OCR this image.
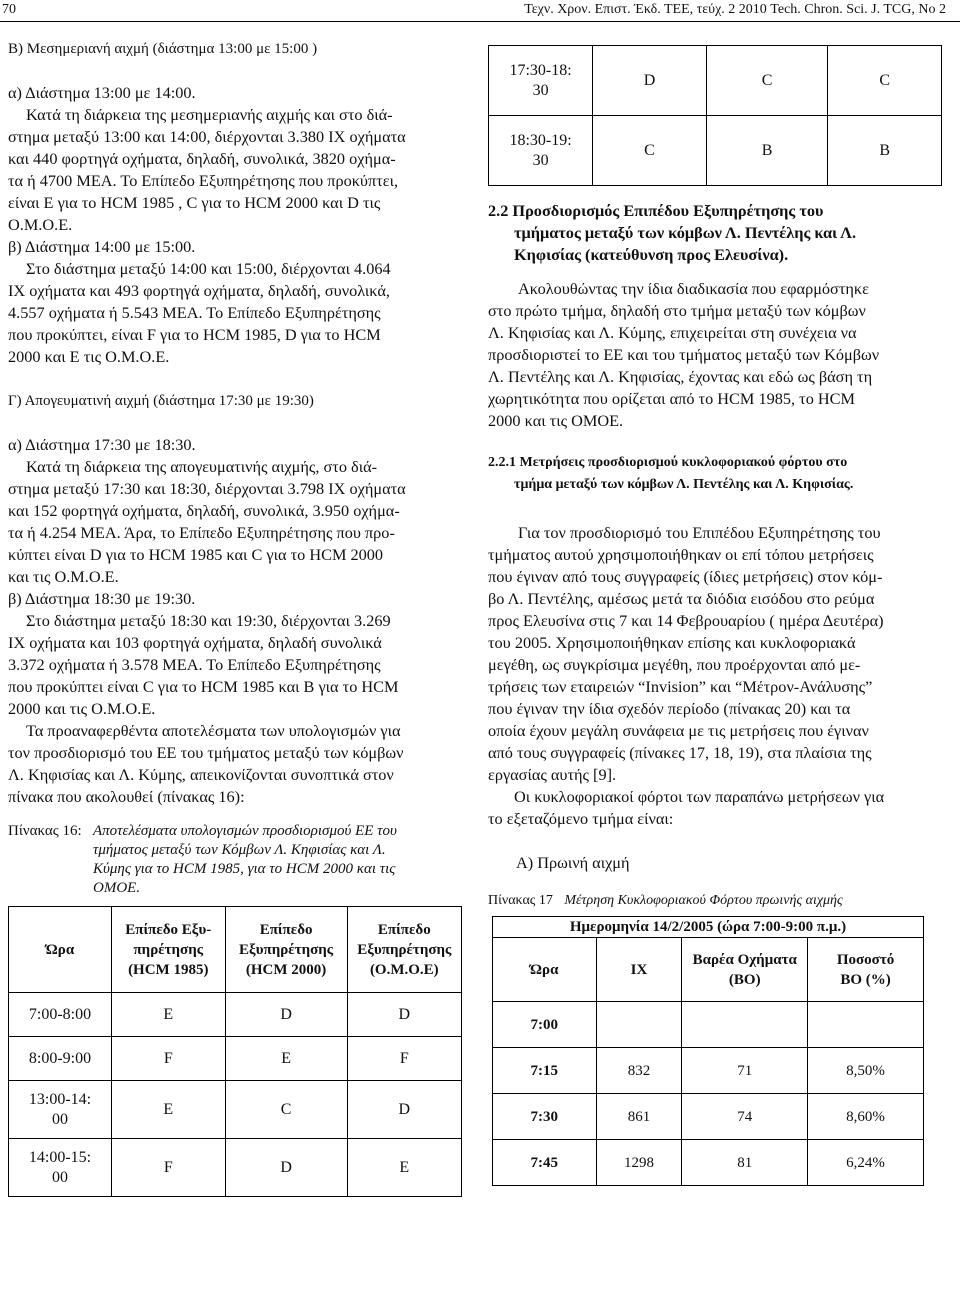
70	Τεχν. Χρον. Επιστ. Έκδ. ΤΕΕ, τεύχ. 2 2010 Tech. Chron. Sci. J. TCG, No 2

Β) Μεσημεριανή αιχμή (διάστημα 13:00 με 15:00 )

α) Διάστημα 13:00 με 14:00.

Κατά τη διάρκεια της μεσημεριανής αιχμής και στο διά-

στημα μεταξύ 13:00 και 14:00, διέρχονται 3.380 ΙΧ οχήματα

και 440 φορτηγά οχήματα, δηλαδή, συνολικά, 3820 οχήμα-

τα ή 4700 ΜΕΑ. Το Επίπεδο Εξυπηρέτησης που προκύπτει,

είναι Ε για το HCM 1985 , C για το HCM 2000 και D τις

Ο.Μ.Ο.Ε.

β) Διάστημα 14:00 με 15:00.

Στο διάστημα μεταξύ 14:00 και 15:00, διέρχονται 4.064

ΙΧ οχήματα και 493 φορτηγά οχήματα, δηλαδή, συνολικά,

4.557 οχήματα ή 5.543 ΜΕΑ. Το Επίπεδο Εξυπηρέτησης

που προκύπτει, είναι F για το HCM 1985, D για το HCM

2000 και E τις Ο.Μ.Ο.Ε.

Γ) Απογευματινή αιχμή (διάστημα 17:30 με 19:30)

α) Διάστημα 17:30 με 18:30.

Κατά τη διάρκεια της απογευματινής αιχμής, στο διά-

στημα μεταξύ 17:30 και 18:30, διέρχονται 3.798 ΙΧ οχήματα

και 152 φορτηγά οχήματα, δηλαδή, συνολικά, 3.950 οχήμα-

τα ή 4.254 ΜΕΑ. Άρα, το Επίπεδο Εξυπηρέτησης που προ-

κύπτει είναι D για το HCM 1985 και C για το HCM 2000

και τις Ο.Μ.Ο.Ε.

β) Διάστημα 18:30 με 19:30.

Στο διάστημα μεταξύ 18:30 και 19:30, διέρχονται 3.269

ΙΧ οχήματα και 103 φορτηγά οχήματα, δηλαδή συνολικά

3.372 οχήματα ή 3.578 ΜΕΑ. Το Επίπεδο Εξυπηρέτησης

που προκύπτει είναι C για το HCM 1985 και B για το HCM

2000 και τις Ο.Μ.Ο.Ε.

Τα προαναφερθέντα αποτελέσματα των υπολογισμών για

τον προσδιορισμό του ΕΕ του τμήματος μεταξύ των κόμβων

Λ. Κηφισίας και Λ. Κύμης, απεικονίζονται συνοπτικά στον

πίνακα που ακολουθεί (πίνακας 16):

Πίνακας 16: Αποτελέσματα υπολογισμών προσδιορισμού ΕΕ του
τμήματος μεταξύ των Κόμβων Λ. Κηφισίας και Λ.
Κύμης για το HCM 1985, για το HCM 2000 και τις
ΟΜΟΕ.
Ώρα	Επίπεδο Εξυ-
πηρέτησης
(HCM 1985)	Επίπεδο
Εξυπηρέτησης
(HCM 2000)	Επίπεδο
Εξυπηρέτησης
(Ο.Μ.Ο.Ε)
7:00-8:00	E	D	D
8:00-9:00	F	E	F
13:00-14:
00	E	C	D
14:00-15:
00	F	D	E
17:30-18:
30	D	C	C
18:30-19:
30	C	B	B

2.2 Προσδιορισμός Επιπέδου Εξυπηρέτησης του

τμήματος μεταξύ των κόμβων Λ. Πεντέλης και Λ.

Κηφισίας (κατεύθυνση προς Ελευσίνα).

Ακολουθώντας την ίδια διαδικασία που εφαρμόστηκε

στο πρώτο τμήμα, δηλαδή στο τμήμα μεταξύ των κόμβων

Λ. Κηφισίας και Λ. Κύμης, επιχειρείται στη συνέχεια να

προσδιοριστεί το ΕΕ και του τμήματος μεταξύ των Κόμβων

Λ. Πεντέλης και Λ. Κηφισίας, έχοντας και εδώ ως βάση τη

χωρητικότητα που ορίζεται από το HCM 1985, το HCM

2000 και τις ΟΜΟΕ.

2.2.1 Μετρήσεις προσδιορισμού κυκλοφοριακού φόρτου στο

τμήμα μεταξύ των κόμβων Λ. Πεντέλης και Λ. Κηφισίας.

Για τον προσδιορισμό του Επιπέδου Εξυπηρέτησης του

τμήματος αυτού χρησιμοποιήθηκαν οι επί τόπου μετρήσεις

που έγιναν από τους συγγραφείς (ίδιες μετρήσεις) στον κόμ-

βο Λ. Πεντέλης, αμέσως μετά τα διόδια εισόδου στο ρεύμα

προς Ελευσίνα στις 7 και 14 Φεβρουαρίου ( ημέρα Δευτέρα)

του 2005. Χρησιμοποιήθηκαν επίσης και κυκλοφοριακά

μεγέθη, ως συγκρίσιμα μεγέθη, που προέρχονται από με-

τρήσεις των εταιρειών “Invision” και “Μέτρον-Ανάλυσης”

που έγιναν την ίδια σχεδόν περίοδο (πίνακας 20) και τα

οποία έχουν μεγάλη συνάφεια με τις μετρήσεις που έγιναν

από τους συγγραφείς (πίνακες 17, 18, 19), στα πλαίσια της

εργασίας αυτής [9].

Οι κυκλοφοριακοί φόρτοι των παραπάνω μετρήσεων για

το εξεταζόμενο τμήμα είναι:

Α) Πρωινή αιχμή

Πίνακας 17 Μέτρηση Κυκλοφοριακού Φόρτου πρωινής αιχμής
Ημερομηνία 14/2/2005 (ώρα 7:00-9:00 π.μ.)			
Ώρα	ΙΧ	Βαρέα Οχήματα
(ΒΟ)	Ποσοστό
ΒΟ (%)
7:00			
7:15	832	71	8,50%
7:30	861	74	8,60%
7:45	1298	81	6,24%
